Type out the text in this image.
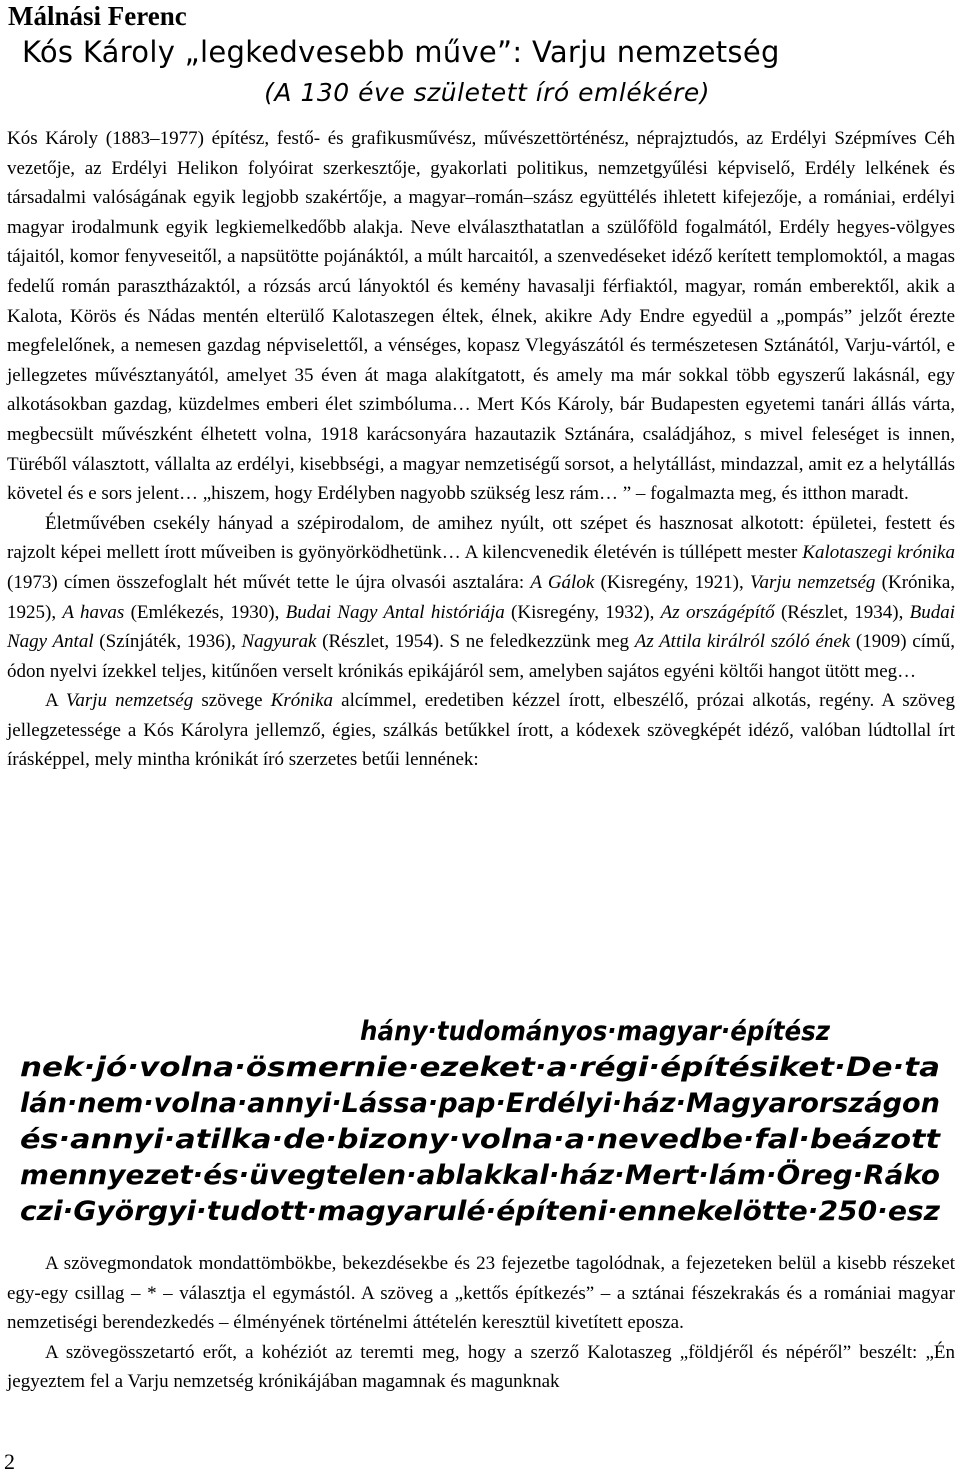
Málnási Ferenc
Kós Károly „legkedvesebb műve”: Varju nemzetség
(A 130 éve született író emlékére)

Kós Károly (1883–1977) építész, festő- és grafikusművész, művészettörténész, néprajztudós, az Erdélyi Szépmíves Céh vezetője, az Erdélyi Helikon folyóirat szerkesztője, gyakorlati politikus, nemzetgyűlési képviselő, Erdély lelkének és társadalmi valóságának egyik legjobb szakértője, a magyar–román–szász együttélés ihletett kifejezője, a romániai, erdélyi magyar irodalmunk egyik legkiemelkedőbb alakja. Neve elválaszthatatlan a szülőföld fogalmától, Erdély hegyes-völgyes tájaitól, komor fenyveseitől, a napsütötte pojánáktól, a múlt harcaitól, a szenvedéseket idéző kerített templomoktól, a magas fedelű román parasztházaktól, a rózsás arcú lányoktól és kemény havasalji férfiaktól, magyar, román emberektől, akik a Kalota, Körös és Nádas mentén elterülő Kalotaszegen éltek, élnek, akikre Ady Endre egyedül a „pompás” jelzőt érezte megfelelőnek, a nemesen gazdag népviselettől, a vénséges, kopasz Vlegyászától és természetesen Sztánától, Varju-vártól, e jellegzetes művésztanyától, amelyet 35 éven át maga alakítgatott, és amely ma már sokkal több egyszerű lakásnál, egy alkotásokban gazdag, küzdelmes emberi élet szimbóluma… Mert Kós Károly, bár Budapesten egyetemi tanári állás várta, megbecsült művészként élhetett volna, 1918 karácsonyára hazautazik Sztánára, családjához, s mivel feleséget is innen, Türéből választott, vállalta az erdélyi, kisebbségi, a magyar nemzetiségű sorsot, a helytállást, mindazzal, amit ez a helytállás követel és e sors jelent… „hiszem, hogy Erdélyben nagyobb szükség lesz rám… ” – fogalmazta meg, és itthon maradt.

Életművében csekély hányad a szépirodalom, de amihez nyúlt, ott szépet és hasznosat alkotott: épületei, festett és rajzolt képei mellett írott műveiben is gyönyörködhetünk… A kilencvenedik életévén is túllépett mester Kalotaszegi krónika (1973) címen összefoglalt hét művét tette le újra olvasói asztalára: A Gálok (Kisregény, 1921), Varju nemzetség (Krónika, 1925), A havas (Emlékezés, 1930), Budai Nagy Antal históriája (Kisregény, 1932), Az országépítő (Részlet, 1934), Budai Nagy Antal (Színjáték, 1936), Nagyurak (Részlet, 1954). S ne feledkezzünk meg Az Attila királról szóló ének (1909) című, ódon nyelvi ízekkel teljes, kitűnően verselt krónikás epikájáról sem, amelyben sajátos egyéni költői hangot ütött meg…

A Varju nemzetség szövege Krónika alcímmel, eredetiben kézzel írott, elbeszélő, prózai alkotás, regény. A szöveg jellegzetessége a Kós Károlyra jellemző, égies, szálkás betűkkel írott, a kódexek szövegképét idéző, valóban lúdtollal írt írásképpel, mely mintha krónikát író szerzetes betűi lennének:

hány·tudományos·magyar·építész
nek·jó·volna·ösmernie·ezeket·a·régi·építésiket·De·ta
lán·nem·volna·annyi·Lássa·pap·Erdélyi·ház·Magyarországon
és·annyi·atilka·de·bizony·volna·a·nevedbe·fal·beázott
mennyezet·és·üvegtelen·ablakkal·ház·Mert·lám·Öreg·Ráko
czi·Györgyi·tudott·magyarulé·építeni·ennekelötte·250·esz

A szövegmondatok mondattömbökbe, bekezdésekbe és 23 fejezetbe tagolódnak, a fejezeteken belül a kisebb részeket egy-egy csillag – * – választja el egymástól. A szöveg a „kettős építkezés” – a sztánai fészekrakás és a romániai magyar nemzetiségi berendezkedés – élményének történelmi áttételén keresztül kivetített eposza.

A szövegösszetartó erőt, a kohéziót az teremti meg, hogy a szerző Kalotaszeg „földjéről és népéről” beszélt: „Én jegyeztem fel a Varju nemzetség krónikájában magamnak és magunknak

2
